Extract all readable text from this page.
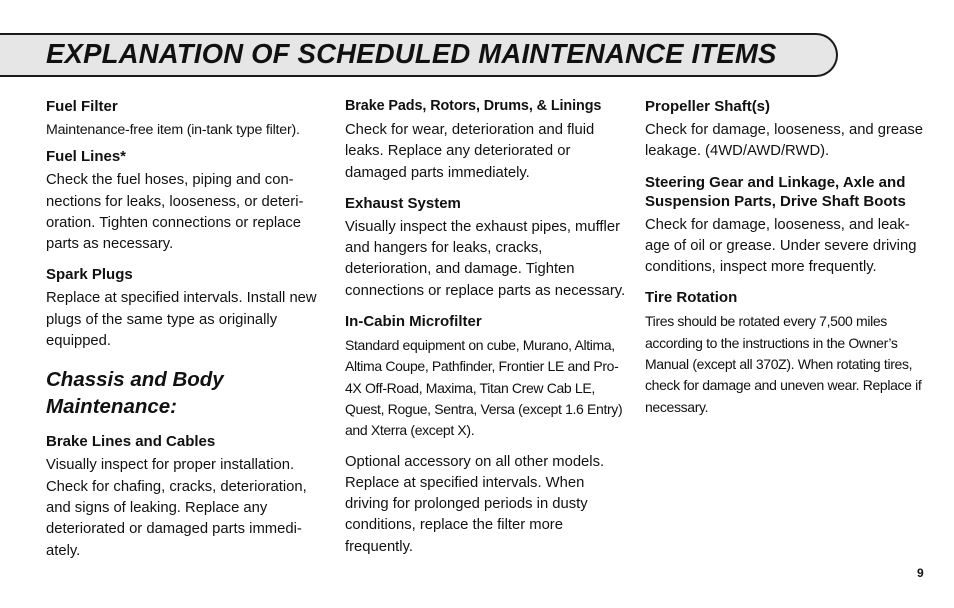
EXPLANATION OF SCHEDULED MAINTENANCE ITEMS
Fuel Filter

Maintenance-free item (in-tank type filter).

Fuel Lines*

Check the fuel hoses, piping and con- nections for leaks, looseness, or deteri- oration. Tighten connections or replace parts as necessary.

Spark Plugs

Replace at specified intervals. Install new plugs of the same type as originally equipped.

Chassis and Body Maintenance:
Brake Lines and Cables

Visually inspect for proper installation. Check for chafing, cracks, deterioration, and signs of leaking. Replace any deteriorated or damaged parts immedi- ately.

Brake Pads, Rotors, Drums, & Linings

Check for wear, deterioration and fluid leaks. Replace any deteriorated or damaged parts immediately.

Exhaust System

Visually inspect the exhaust pipes, muffler and hangers for leaks, cracks, deterioration, and damage. Tighten connections or replace parts as necessary.

In-Cabin Microfilter

Standard equipment on cube, Murano, Altima, Altima Coupe, Pathfinder, Frontier LE and Pro-4X Off-Road, Maxima, Titan Crew Cab LE, Quest, Rogue, Sentra, Versa (except 1.6 Entry) and Xterra (except X).

Optional accessory on all other models. Replace at specified intervals. When driving for prolonged periods in dusty conditions, replace the filter more frequently.

Propeller Shaft(s)

Check for damage, looseness, and grease leakage. (4WD/AWD/RWD).

Steering Gear and Linkage, Axle and Suspension Parts, Drive Shaft Boots

Check for damage, looseness, and leak- age of oil or grease. Under severe driving conditions, inspect more frequently.

Tire Rotation

Tires should be rotated every 7,500 miles according to the instructions in the Owner’s Manual (except all 370Z). When rotating tires, check for damage and uneven wear. Replace if necessary.

9
